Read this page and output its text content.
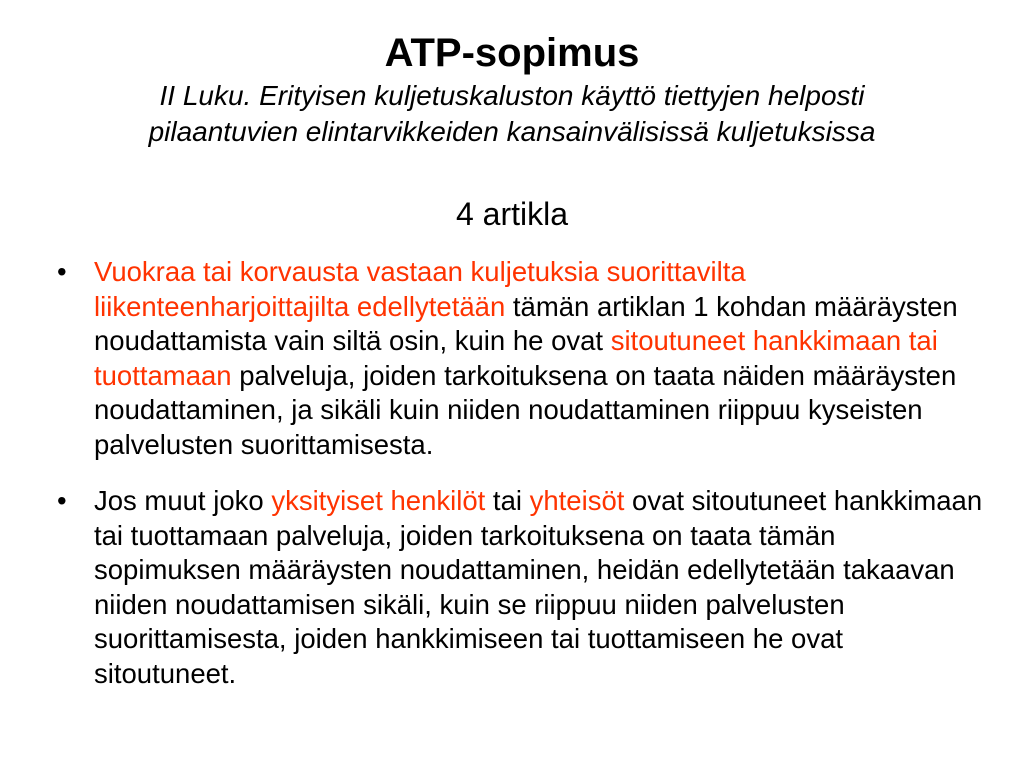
ATP-sopimus

II Luku. Erityisen kuljetuskaluston käyttö tiettyjen helposti
pilaantuvien elintarvikkeiden kansainvälisissä kuljetuksissa

4 artikla
• Vuokraa tai korvausta vastaan kuljetuksia suorittavilta liikenteenharjoittajilta edellytetään tämän artiklan 1 kohdan määräysten noudattamista vain siltä osin, kuin he ovat sitoutuneet hankkimaan tai tuottamaan palveluja, joiden tarkoituksena on taata näiden määräysten noudattaminen, ja sikäli kuin niiden noudattaminen riippuu kyseisten palvelusten suorittamisesta.
• Jos muut joko yksityiset henkilöt tai yhteisöt ovat sitoutuneet hankkimaan tai tuottamaan palveluja, joiden tarkoituksena on taata tämän sopimuksen määräysten noudattaminen, heidän edellytetään takaavan niiden noudattamisen sikäli, kuin se riippuu niiden palvelusten suorittamisesta, joiden hankkimiseen tai tuottamiseen he ovat sitoutuneet.
